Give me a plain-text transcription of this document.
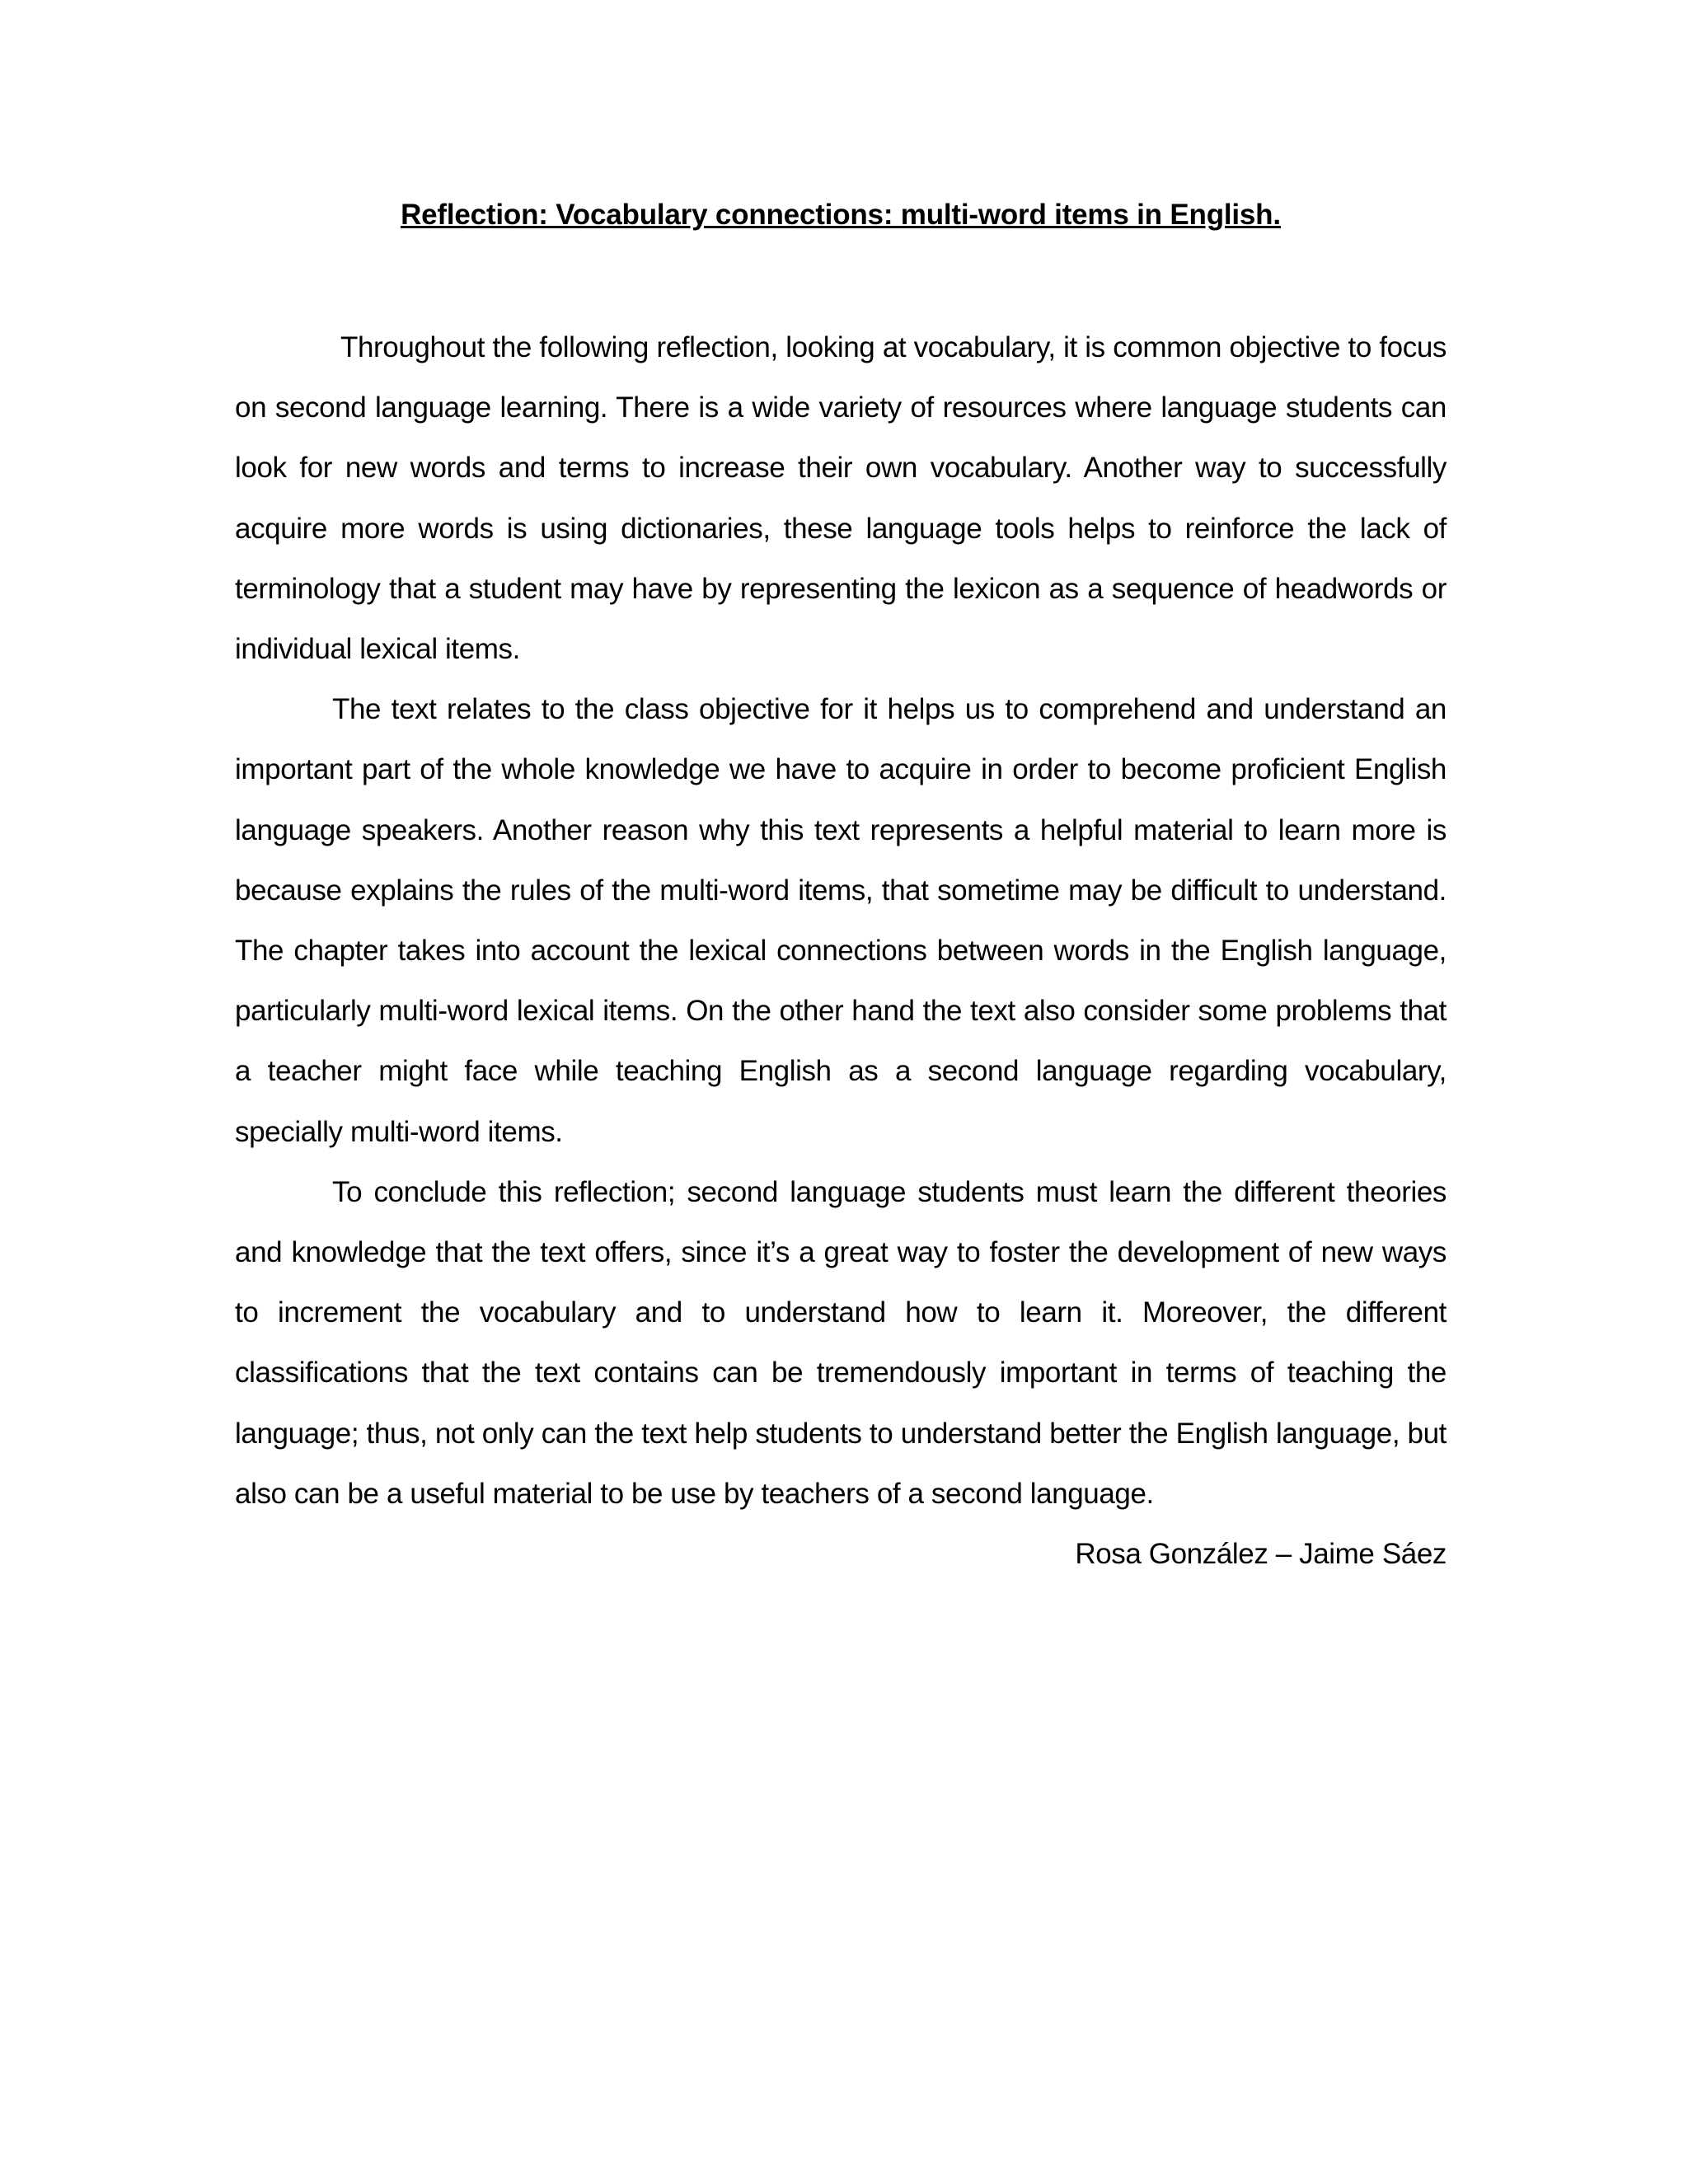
Reflection: Vocabulary connections: multi-word items in English.

Throughout the following reflection, looking at vocabulary, it is common objective to focus on second language learning. There is a wide variety of resources where language students can look for new words and terms to increase their own vocabulary. Another way to successfully acquire more words is using dictionaries, these language tools helps to reinforce the lack of terminology that a student may have by representing the lexicon as a sequence of headwords or individual lexical items.

The text relates to the class objective for it helps us to comprehend and understand an important part of the whole knowledge we have to acquire in order to become proficient English language speakers. Another reason why this text represents a helpful material to learn more is because explains the rules of the multi-word items, that sometime may be difficult to understand. The chapter takes into account the lexical connections between words in the English language, particularly multi-word lexical items. On the other hand the text also consider some problems that a teacher might face while teaching English as a second language regarding vocabulary, specially multi-word items.

To conclude this reflection; second language students must learn the different theories and knowledge that the text offers, since it’s a great way to foster the development of new ways to increment the vocabulary and to understand how to learn it. Moreover, the different classifications that the text contains can be tremendously important in terms of teaching the language; thus, not only can the text help students to understand better the English language, but also can be a useful material to be use by teachers of a second language.

Rosa González – Jaime Sáez
